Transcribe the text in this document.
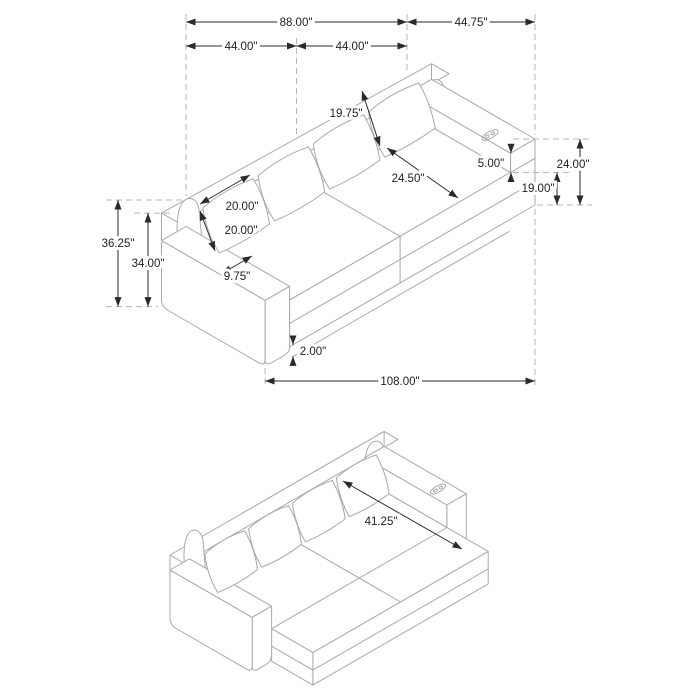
88.00"	44.75"
44.00"	44.00"
19.75"
20.00"
20.00"
24.50"
5.00"	24.00"
19.00"
36.25"
34.00"
9.75"
2.00"
108.00"
41.25"
